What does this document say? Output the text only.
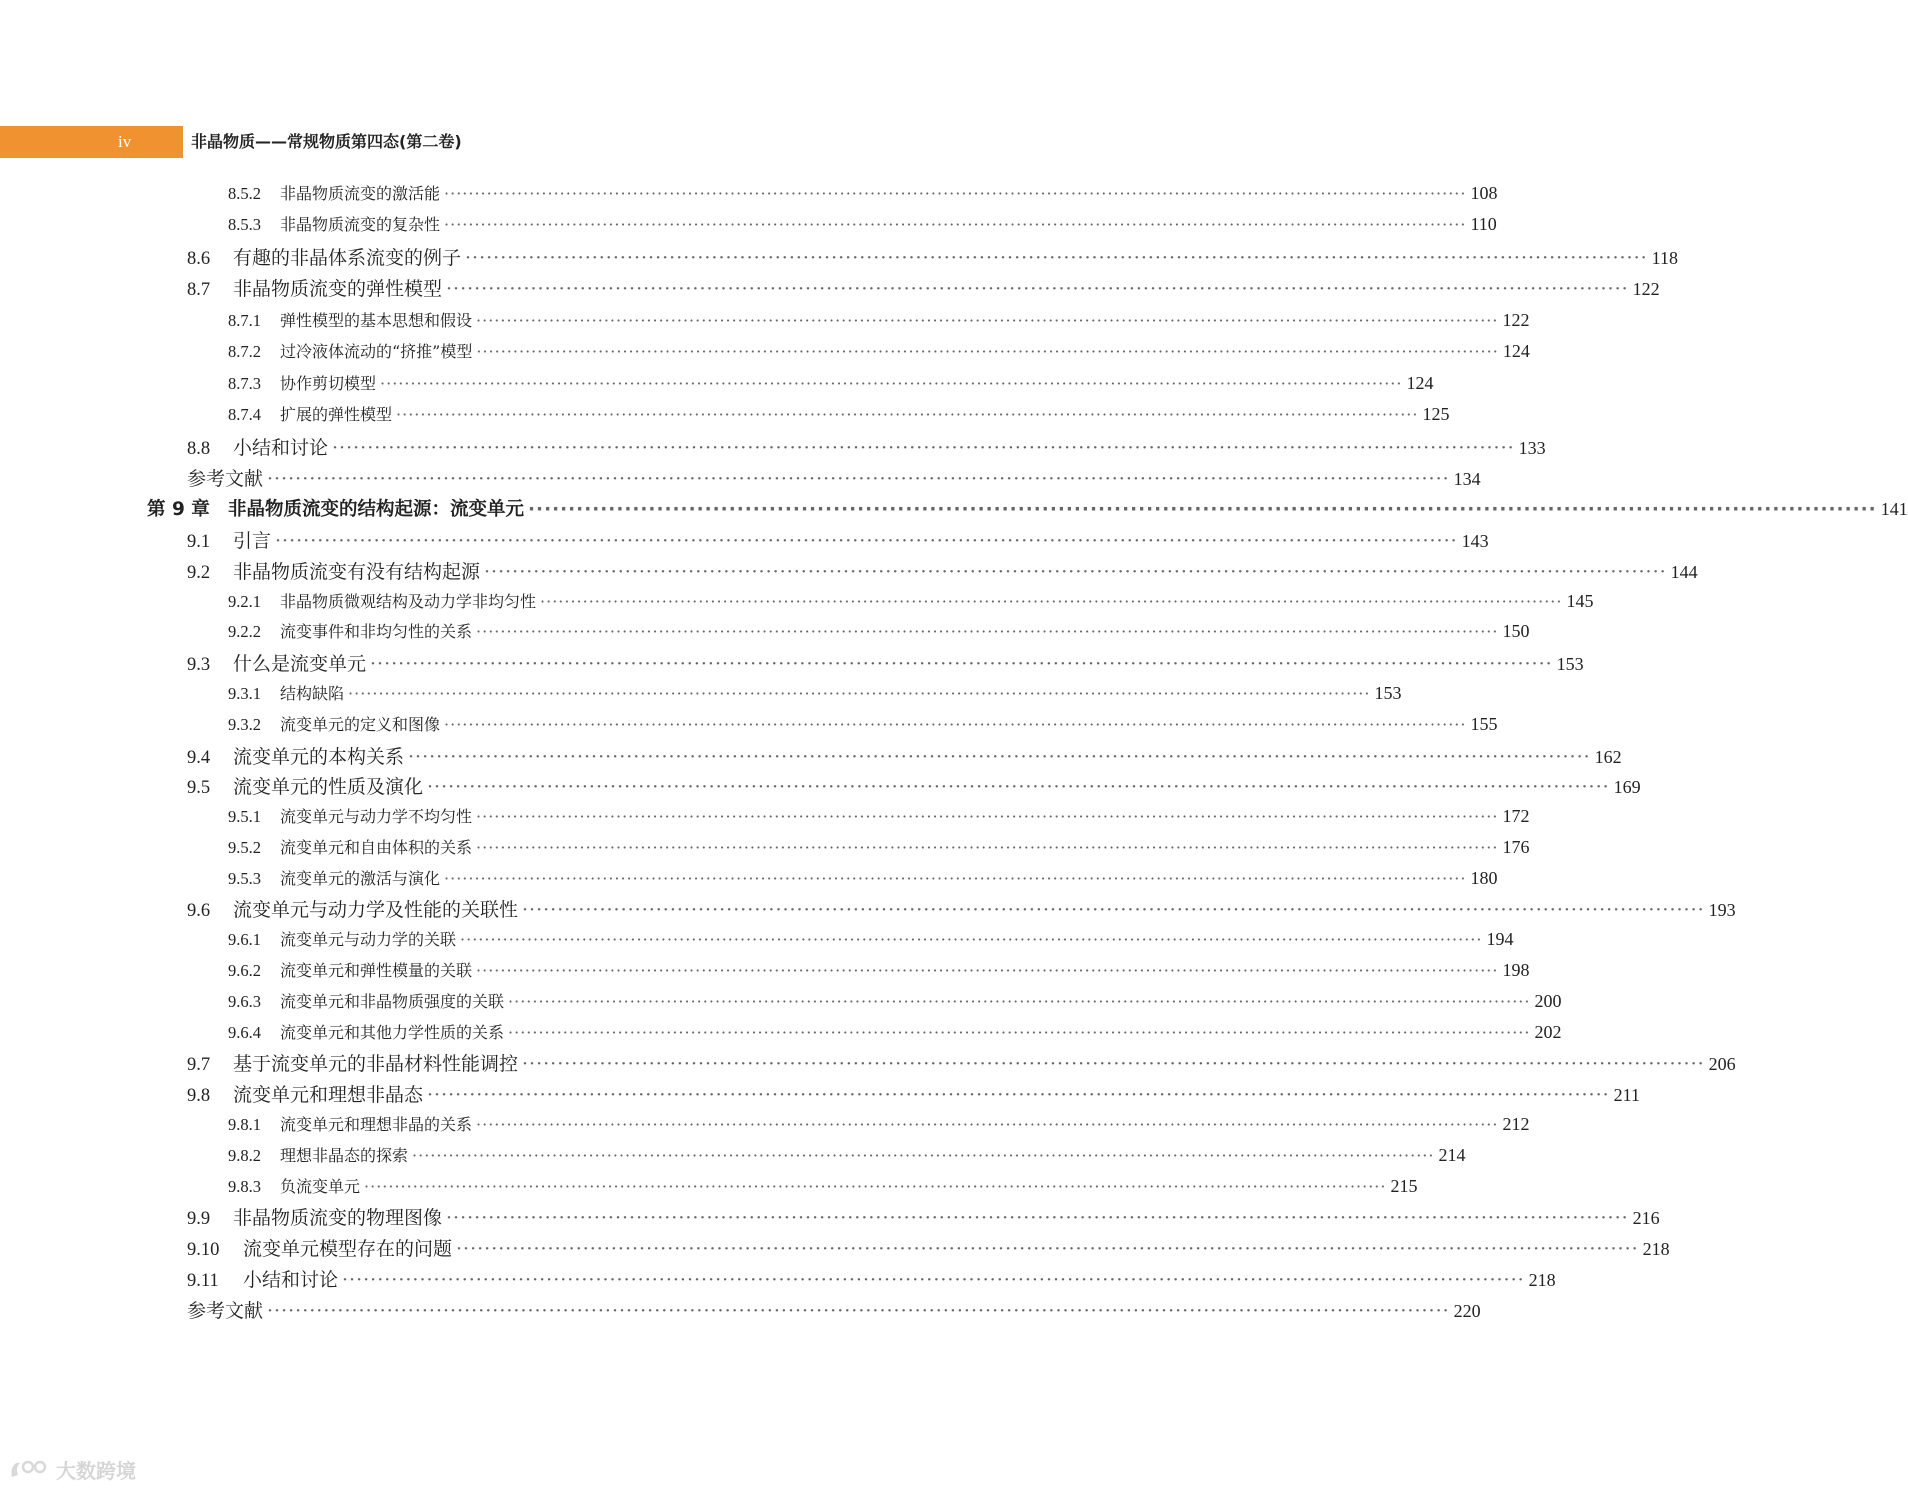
iv	非晶物质——常规物质第四态(第二卷)
8.5.2	非晶物质流变的激活能 ········································································································································································ 108
8.5.3	非晶物质流变的复杂性 ········································································································································································ 110
8.6	有趣的非晶体系流变的例子 ········································································································································································ 118
8.7	非晶物质流变的弹性模型 ········································································································································································ 122
8.7.1	弹性模型的基本思想和假设 ········································································································································································ 122
8.7.2	过冷液体流动的“挤推”模型 ········································································································································································ 124
8.7.3	协作剪切模型 ········································································································································································ 124
8.7.4	扩展的弹性模型 ········································································································································································ 125
8.8	小结和讨论 ········································································································································································ 133
参考文献 ········································································································································································ 134
第 9 章 非晶物质流变的结构起源：流变单元 ········································································································································································ 141
9.1	引言 ········································································································································································ 143
9.2	非晶物质流变有没有结构起源 ········································································································································································ 144
9.2.1	非晶物质微观结构及动力学非均匀性 ········································································································································································ 145
9.2.2	流变事件和非均匀性的关系 ········································································································································································ 150
9.3	什么是流变单元 ········································································································································································ 153
9.3.1	结构缺陷 ········································································································································································ 153
9.3.2	流变单元的定义和图像 ········································································································································································ 155
9.4	流变单元的本构关系 ········································································································································································ 162
9.5	流变单元的性质及演化 ········································································································································································ 169
9.5.1	流变单元与动力学不均匀性 ········································································································································································ 172
9.5.2	流变单元和自由体积的关系 ········································································································································································ 176
9.5.3	流变单元的激活与演化 ········································································································································································ 180
9.6	流变单元与动力学及性能的关联性 ········································································································································································ 193
9.6.1	流变单元与动力学的关联 ········································································································································································ 194
9.6.2	流变单元和弹性模量的关联 ········································································································································································ 198
9.6.3	流变单元和非晶物质强度的关联 ········································································································································································ 200
9.6.4	流变单元和其他力学性质的关系 ········································································································································································ 202
9.7	基于流变单元的非晶材料性能调控 ········································································································································································ 206
9.8	流变单元和理想非晶态 ········································································································································································ 211
9.8.1	流变单元和理想非晶的关系 ········································································································································································ 212
9.8.2	理想非晶态的探索 ········································································································································································ 214
9.8.3	负流变单元 ········································································································································································ 215
9.9	非晶物质流变的物理图像 ········································································································································································ 216
9.10	流变单元模型存在的问题 ········································································································································································ 218
9.11	小结和讨论 ········································································································································································ 218
参考文献 ········································································································································································ 220
大数跨境
